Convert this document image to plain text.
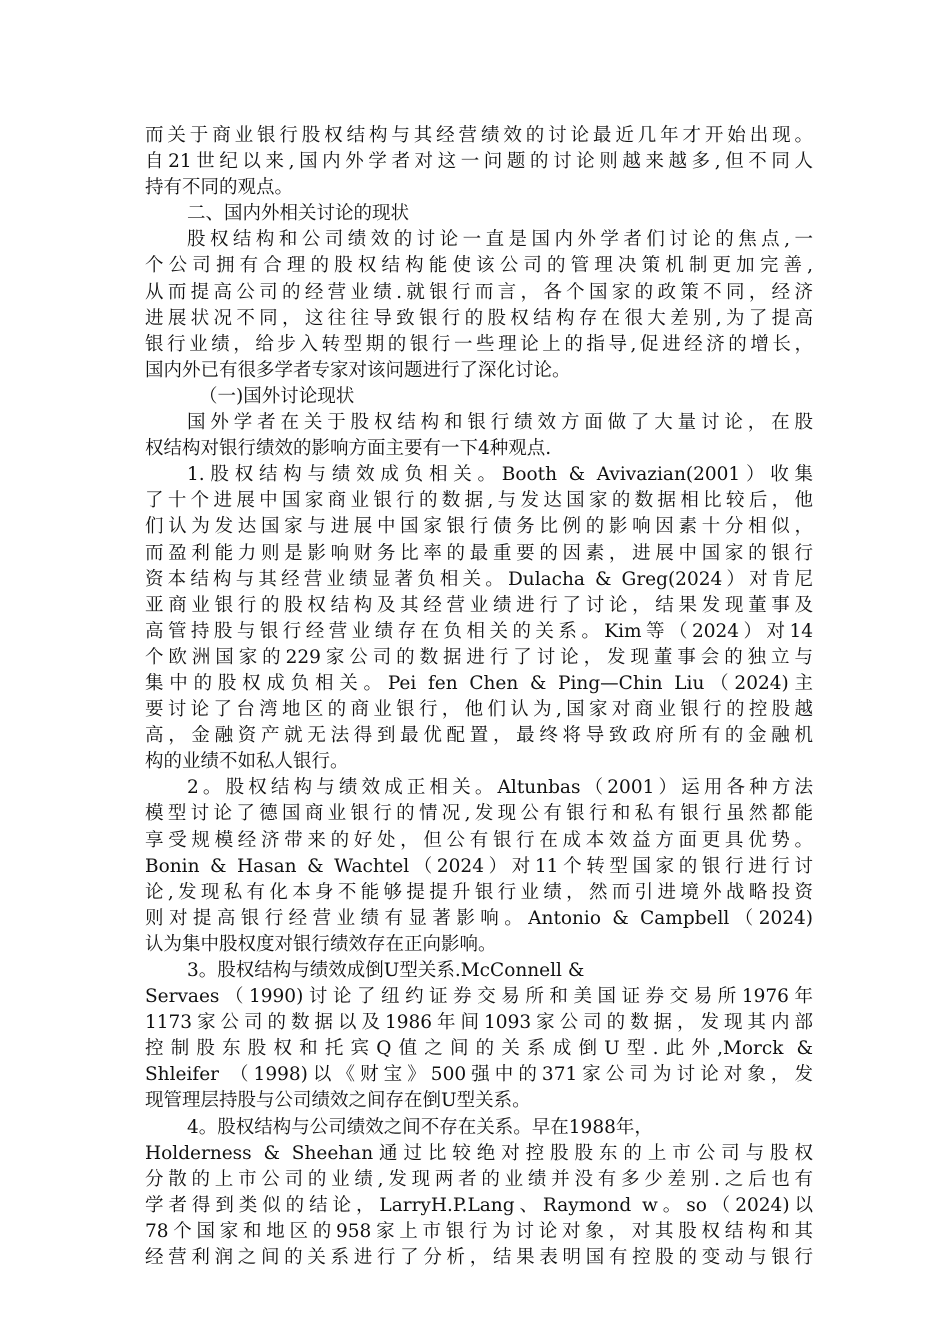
而关于商业银行股权结构与其经营绩效的讨论最近几年才开始出现。
自21世纪以来,国内外学者对这一问题的讨论则越来越多,但不同人
持有不同的观点。
二、国内外相关讨论的现状
股权结构和公司绩效的讨论一直是国内外学者们讨论的焦点,一
个公司拥有合理的股权结构能使该公司的管理决策机制更加完善,
从而提高公司的经营业绩.就银行而言，各个国家的政策不同，经济
进展状况不同，这往往导致银行的股权结构存在很大差别,为了提高
银行业绩，给步入转型期的银行一些理论上的指导,促进经济的增长，
国内外已有很多学者专家对该问题进行了深化讨论。
（一)国外讨论现状
国外学者在关于股权结构和银行绩效方面做了大量讨论，在股
权结构对银行绩效的影响方面主要有一下4种观点.
1.股权结构与绩效成负相关。Booth & Avivazian(2001）收集
了十个进展中国家商业银行的数据,与发达国家的数据相比较后，他
们认为发达国家与进展中国家银行债务比例的影响因素十分相似，
而盈利能力则是影响财务比率的最重要的因素，进展中国家的银行
资本结构与其经营业绩显著负相关。Dulacha & Greg(2024）对肯尼
亚商业银行的股权结构及其经营业绩进行了讨论，结果发现董事及
高管持股与银行经营业绩存在负相关的关系。Kim等（2024）对14
个欧洲国家的229家公司的数据进行了讨论，发现董事会的独立与
集中的股权成负相关。Pei fen Chen & Ping—Chin Liu（2024)主
要讨论了台湾地区的商业银行，他们认为,国家对商业银行的控股越
高，金融资产就无法得到最优配置，最终将导致政府所有的金融机
构的业绩不如私人银行。
2。股权结构与绩效成正相关。Altunbas（2001）运用各种方法
模型讨论了德国商业银行的情况,发现公有银行和私有银行虽然都能
享受规模经济带来的好处，但公有银行在成本效益方面更具优势。
Bonin & Hasan & Wachtel（2024）对11个转型国家的银行进行讨
论,发现私有化本身不能够提提升银行业绩，然而引进境外战略投资
则对提高银行经营业绩有显著影响。Antonio & Campbell（2024)
认为集中股权度对银行绩效存在正向影响。
3。股权结构与绩效成倒U型关系.McConnell &
Servaes（1990)讨论了纽约证券交易所和美国证券交易所1976年
1173家公司的数据以及1986年间1093家公司的数据，发现其内部
控制股东股权和托宾Q值之间的关系成倒U型.此外,Morck &
Shleifer （1998)以《财宝》500强中的371家公司为讨论对象，发
现管理层持股与公司绩效之间存在倒U型关系。
4。股权结构与公司绩效之间不存在关系。早在1988年，
Holderness & Sheehan通过比较绝对控股股东的上市公司与股权
分散的上市公司的业绩,发现两者的业绩并没有多少差别.之后也有
学者得到类似的结论，LarryH.P.Lang、Raymond w。so（2024)以
78个国家和地区的958家上市银行为讨论对象，对其股权结构和其
经营利润之间的关系进行了分析，结果表明国有控股的变动与银行
